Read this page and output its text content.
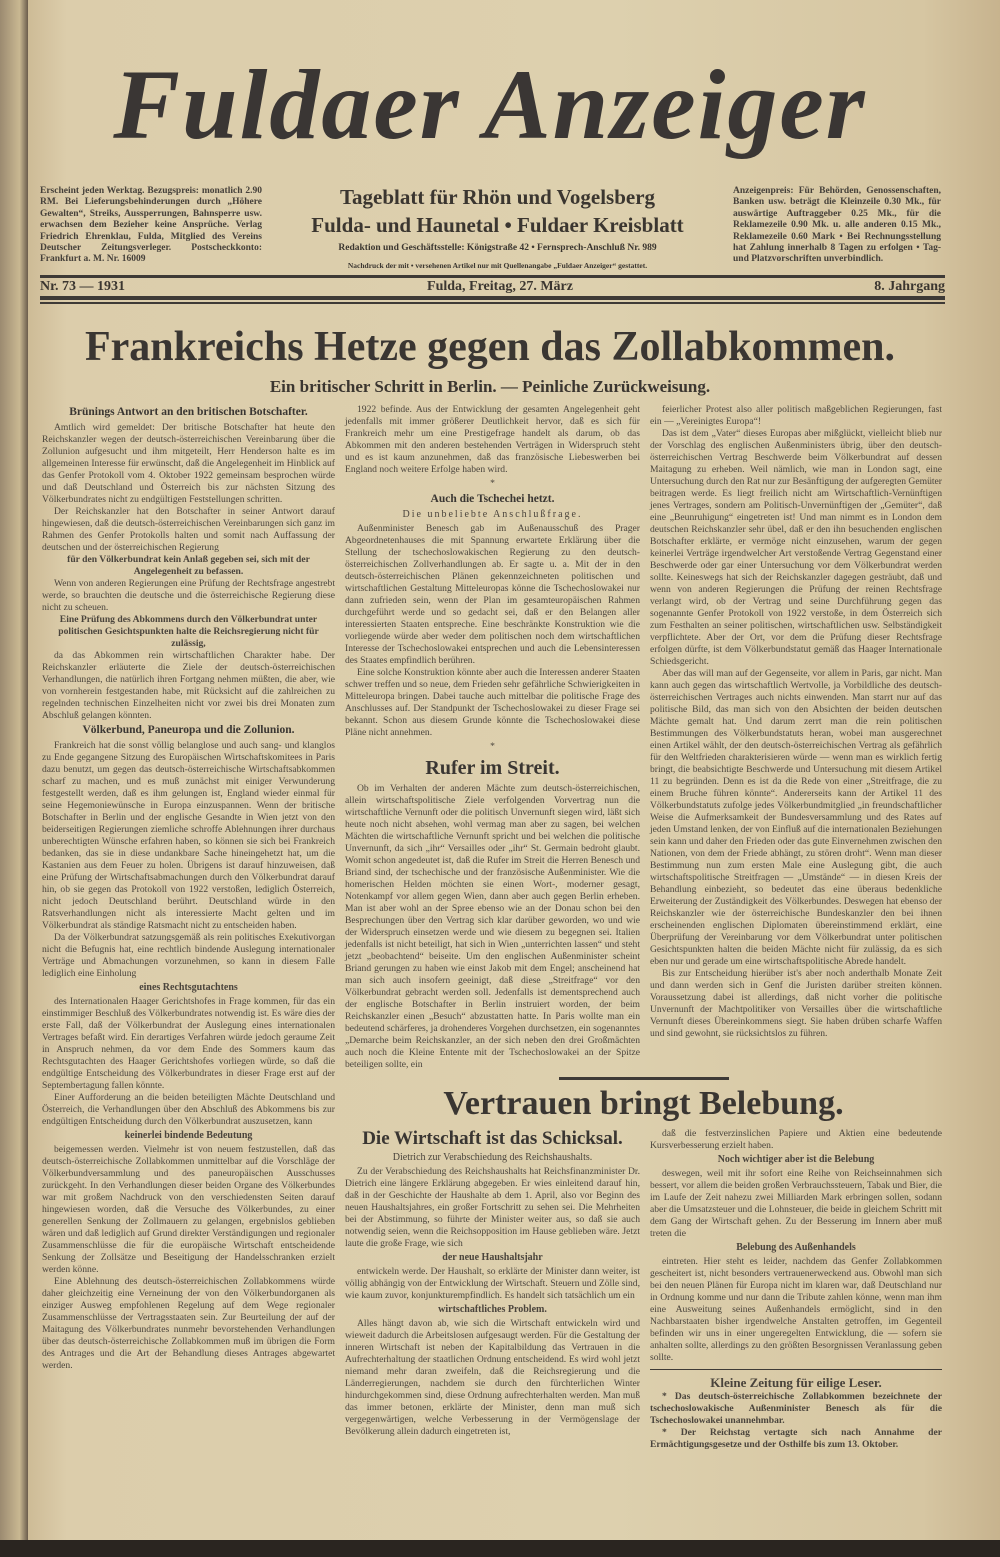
Fuldaer Anzeiger
Erscheint jeden Werktag. Bezugspreis: monatlich 2.90 RM. Bei Lieferungsbehinderungen durch „Höhere Gewalten“, Streiks, Aussperrungen, Bahnsperre usw. erwachsen dem Bezieher keine Ansprüche. Verlag Friedrich Ehrenklau, Fulda, Mitglied des Vereins Deutscher Zeitungsverleger. Postscheckkonto: Frankfurt a. M. Nr. 16009
Tageblatt für Rhön und Vogelsberg
Fulda- und Haunetal • Fuldaer Kreisblatt
Redaktion und Geschäftsstelle: Königstraße 42 • Fernsprech-Anschluß Nr. 989
Nachdruck der mit • versehenen Artikel nur mit Quellenangabe „Fuldaer Anzeiger“ gestattet.
Anzeigenpreis: Für Behörden, Genossenschaften, Banken usw. beträgt die Kleinzeile 0.30 Mk., für auswärtige Auftraggeber 0.25 Mk., für die Reklamezeile 0.90 Mk. u. alle anderen 0.15 Mk., Reklamezeile 0.60 Mark • Bei Rechnungsstellung hat Zahlung innerhalb 8 Tagen zu erfolgen • Tag- und Platzvorschriften unverbindlich.
Nr. 73 — 1931	Fulda, Freitag, 27. März	8. Jahrgang
Frankreichs Hetze gegen das Zollabkommen.
Ein britischer Schritt in Berlin. — Peinliche Zurückweisung.
Brünings Antwort an den britischen Botschafter.

Amtlich wird gemeldet: Der britische Botschafter hat heute den Reichskanzler wegen der deutsch-österreichischen Vereinbarung über die Zollunion aufgesucht und ihm mitgeteilt, Herr Henderson halte es im allgemeinen Interesse für erwünscht, daß die Angelegenheit im Hinblick auf das Genfer Protokoll vom 4. Oktober 1922 gemeinsam besprochen würde und daß Deutschland und Österreich bis zur nächsten Sitzung des Völkerbundrates nicht zu endgültigen Feststellungen schritten.

Der Reichskanzler hat den Botschafter in seiner Antwort darauf hingewiesen, daß die deutsch-österreichischen Vereinbarungen sich ganz im Rahmen des Genfer Protokolls halten und somit nach Auffassung der deutschen und der österreichischen Regierung

für den Völkerbundrat kein Anlaß gegeben sei, sich mit der Angelegenheit zu befassen.

Wenn von anderen Regierungen eine Prüfung der Rechtsfrage angestrebt werde, so brauchten die deutsche und die österreichische Regierung diese nicht zu scheuen.

Eine Prüfung des Abkommens durch den Völkerbundrat unter politischen Gesichtspunkten halte die Reichsregierung nicht für zulässig,

da das Abkommen rein wirtschaftlichen Charakter habe. Der Reichskanzler erläuterte die Ziele der deutsch-österreichischen Verhandlungen, die natürlich ihren Fortgang nehmen müßten, die aber, wie von vornherein festgestanden habe, mit Rücksicht auf die zahlreichen zu regelnden technischen Einzelheiten nicht vor zwei bis drei Monaten zum Abschluß gelangen könnten.

Völkerbund, Paneuropa und die Zollunion.

Frankreich hat die sonst völlig belanglose und auch sang- und klanglos zu Ende gegangene Sitzung des Europäischen Wirtschaftskomitees in Paris dazu benutzt, um gegen das deutsch-österreichische Wirtschaftsabkommen scharf zu machen, und es muß zunächst mit einiger Verwunderung festgestellt werden, daß es ihm gelungen ist, England wieder einmal für seine Hegemoniewünsche in Europa einzuspannen. Wenn der britische Botschafter in Berlin und der englische Gesandte in Wien jetzt von den beiderseitigen Regierungen ziemliche schroffe Ablehnungen ihrer durchaus unberechtigten Wünsche erfahren haben, so können sie sich bei Frankreich bedanken, das sie in diese undankbare Sache hineingehetzt hat, um die Kastanien aus dem Feuer zu holen. Übrigens ist darauf hinzuweisen, daß eine Prüfung der Wirtschaftsabmachungen durch den Völkerbundrat darauf hin, ob sie gegen das Protokoll von 1922 verstoßen, lediglich Österreich, nicht jedoch Deutschland berührt. Deutschland würde in den Ratsverhandlungen nicht als interessierte Macht gelten und im Völkerbundrat als ständige Ratsmacht nicht zu entscheiden haben.

Da der Völkerbundrat satzungsgemäß als rein politisches Exekutivorgan nicht die Befugnis hat, eine rechtlich bindende Auslegung internationaler Verträge und Abmachungen vorzunehmen, so kann in diesem Falle lediglich eine Einholung

eines Rechtsgutachtens

des Internationalen Haager Gerichtshofes in Frage kommen, für das ein einstimmiger Beschluß des Völkerbundrates notwendig ist. Es wäre dies der erste Fall, daß der Völkerbundrat der Auslegung eines internationalen Vertrages befaßt wird. Ein derartiges Verfahren würde jedoch geraume Zeit in Anspruch nehmen, da vor dem Ende des Sommers kaum das Rechtsgutachten des Haager Gerichtshofes vorliegen würde, so daß die endgültige Entscheidung des Völkerbundrates in dieser Frage erst auf der Septembertagung fallen könnte.

Einer Aufforderung an die beiden beteiligten Mächte Deutschland und Österreich, die Verhandlungen über den Abschluß des Abkommens bis zur endgültigen Entscheidung durch den Völkerbundrat auszusetzen, kann

keinerlei bindende Bedeutung

beigemessen werden. Vielmehr ist von neuem festzustellen, daß das deutsch-österreichische Zollabkommen unmittelbar auf die Vorschläge der Völkerbundversammlung und des paneuropäischen Ausschusses zurückgeht. In den Verhandlungen dieser beiden Organe des Völkerbundes war mit großem Nachdruck von den verschiedensten Seiten darauf hingewiesen worden, daß die Versuche des Völkerbundes, zu einer generellen Senkung der Zollmauern zu gelangen, ergebnislos geblieben wären und daß lediglich auf Grund direkter Verständigungen und regionaler Zusammenschlüsse die für die europäische Wirtschaft entscheidende Senkung der Zollsätze und Beseitigung der Handelsschranken erzielt werden könne.

Eine Ablehnung des deutsch-österreichischen Zollabkommens würde daher gleichzeitig eine Verneinung der von den Völkerbundorganen als einziger Ausweg empfohlenen Regelung auf dem Wege regionaler Zusammenschlüsse der Vertragsstaaten sein. Zur Beurteilung der auf der Maitagung des Völkerbundrates nunmehr bevorstehenden Verhandlungen über das deutsch-österreichische Zollabkommen muß im übrigen die Form des Antrages und die Art der Behandlung dieses Antrages abgewartet werden.

1922 befinde. Aus der Entwicklung der gesamten Angelegenheit geht jedenfalls mit immer größerer Deutlichkeit hervor, daß es sich für Frankreich mehr um eine Prestigefrage handelt als darum, ob das Abkommen mit den anderen bestehenden Verträgen in Widerspruch steht und es ist kaum anzunehmen, daß das französische Liebeswerben bei England noch weitere Erfolge haben wird.

*
Auch die Tschechei hetzt.
Die unbeliebte Anschlußfrage.

Außenminister Benesch gab im Außenausschuß des Prager Abgeordnetenhauses die mit Spannung erwartete Erklärung über die Stellung der tschechoslowakischen Regierung zu den deutsch-österreichischen Zollverhandlungen ab. Er sagte u. a. Mit der in den deutsch-österreichischen Plänen gekennzeichneten politischen und wirtschaftlichen Gestaltung Mitteleuropas könne die Tschechoslowakei nur dann zufrieden sein, wenn der Plan im gesamteuropäischen Rahmen durchgeführt werde und so gedacht sei, daß er den Belangen aller interessierten Staaten entspreche. Eine beschränkte Konstruktion wie die vorliegende würde aber weder dem politischen noch dem wirtschaftlichen Interesse der Tschechoslowakei entsprechen und auch die Lebensinteressen des Staates empfindlich berühren.

Eine solche Konstruktion könnte aber auch die Interessen anderer Staaten schwer treffen und so neue, dem Frieden sehr gefährliche Schwierigkeiten in Mitteleuropa bringen. Dabei tauche auch mittelbar die politische Frage des Anschlusses auf. Der Standpunkt der Tschechoslowakei zu dieser Frage sei bekannt. Schon aus diesem Grunde könnte die Tschechoslowakei diese Pläne nicht annehmen.

*
Rufer im Streit.

Ob im Verhalten der anderen Mächte zum deutsch-österreichischen, allein wirtschaftspolitische Ziele verfolgenden Vorvertrag nun die wirtschaftliche Vernunft oder die politisch Unvernunft siegen wird, läßt sich heute noch nicht absehen, wohl vermag man aber zu sagen, bei welchen Mächten die wirtschaftliche Vernunft spricht und bei welchen die politische Unvernunft, da sich „ihr“ Versailles oder „ihr“ St. Germain bedroht glaubt. Womit schon angedeutet ist, daß die Rufer im Streit die Herren Benesch und Briand sind, der tschechische und der französische Außenminister. Wie die homerischen Helden möchten sie einen Wort-, moderner gesagt, Notenkampf vor allem gegen Wien, dann aber auch gegen Berlin erheben. Man ist aber wohl an der Spree ebenso wie an der Donau schon bei den Besprechungen über den Vertrag sich klar darüber geworden, wo und wie der Widerspruch einsetzen werde und wie diesem zu begegnen sei. Italien jedenfalls ist nicht beteiligt, hat sich in Wien „unterrichten lassen“ und steht jetzt „beobachtend“ beiseite. Um den englischen Außenminister scheint Briand gerungen zu haben wie einst Jakob mit dem Engel; anscheinend hat man sich auch insofern geeinigt, daß diese „Streitfrage“ vor den Völkerbundrat gebracht werden soll. Jedenfalls ist dementsprechend auch der englische Botschafter in Berlin instruiert worden, der beim Reichskanzler einen „Besuch“ abzustatten hatte. In Paris wollte man ein bedeutend schärferes, ja drohenderes Vorgehen durchsetzen, ein sogenanntes „Demarche beim Reichskanzler, an der sich neben den drei Großmächten auch noch die Kleine Entente mit der Tschechoslowakei an der Spitze beteiligen sollte, ein

feierlicher Protest also aller politisch maßgeblichen Regierungen, fast ein — „Vereinigtes Europa“!

Das ist dem „Vater“ dieses Europas aber mißglückt, vielleicht blieb nur der Vorschlag des englischen Außenministers übrig, über den deutsch-österreichischen Vertrag Beschwerde beim Völkerbundrat auf dessen Maitagung zu erheben. Weil nämlich, wie man in London sagt, eine Untersuchung durch den Rat nur zur Besänftigung der aufgeregten Gemüter beitragen werde. Es liegt freilich nicht am Wirtschaftlich-Vernünftigen jenes Vertrages, sondern am Politisch-Unvernünftigen der „Gemüter“, daß eine „Beunruhigung“ eingetreten ist! Und man nimmt es in London dem deutschen Reichskanzler sehr übel, daß er den ihn besuchenden englischen Botschafter erklärte, er vermöge nicht einzusehen, warum der gegen keinerlei Verträge irgendwelcher Art verstoßende Vertrag Gegenstand einer Beschwerde oder gar einer Untersuchung vor dem Völkerbundrat werden sollte. Keineswegs hat sich der Reichskanzler dagegen gesträubt, daß und wenn von anderen Regierungen die Prüfung der reinen Rechtsfrage verlangt wird, ob der Vertrag und seine Durchführung gegen das sogenannte Genfer Protokoll von 1922 verstoße, in dem Österreich sich zum Festhalten an seiner politischen, wirtschaftlichen usw. Selbständigkeit verpflichtete. Aber der Ort, vor dem die Prüfung dieser Rechtsfrage erfolgen dürfte, ist dem Völkerbundstatut gemäß das Haager Internationale Schiedsgericht.

Aber das will man auf der Gegenseite, vor allem in Paris, gar nicht. Man kann auch gegen das wirtschaftlich Wertvolle, ja Vorbildliche des deutsch-österreichischen Vertrages auch nichts einwenden. Man starrt nur auf das politische Bild, das man sich von den Absichten der beiden deutschen Mächte gemalt hat. Und darum zerrt man die rein politischen Bestimmungen des Völkerbundstatuts heran, wobei man ausgerechnet einen Artikel wählt, der den deutsch-österreichischen Vertrag als gefährlich für den Weltfrieden charakterisieren würde — wenn man es wirklich fertig bringt, die beabsichtigte Beschwerde und Untersuchung mit diesem Artikel 11 zu begründen. Denn es ist da die Rede von einer „Streitfrage, die zu einem Bruche führen könnte“. Andererseits kann der Artikel 11 des Völkerbundstatuts zufolge jedes Völkerbundmitglied „in freundschaftlicher Weise die Aufmerksamkeit der Bundesversammlung und des Rates auf jeden Umstand lenken, der von Einfluß auf die internationalen Beziehungen sein kann und daher den Frieden oder das gute Einvernehmen zwischen den Nationen, von dem der Friede abhängt, zu stören droht“. Wenn man dieser Bestimmung nun zum ersten Male eine Auslegung gibt, die auch wirtschaftspolitische Streitfragen — „Umstände“ — in diesen Kreis der Behandlung einbezieht, so bedeutet das eine überaus bedenkliche Erweiterung der Zuständigkeit des Völkerbundes. Deswegen hat ebenso der Reichskanzler wie der österreichische Bundeskanzler den bei ihnen erscheinenden englischen Diplomaten übereinstimmend erklärt, eine Überprüfung der Vereinbarung vor dem Völkerbundrat unter politischen Gesichtspunkten halten die beiden Mächte nicht für zulässig, da es sich eben nur und gerade um eine wirtschaftspolitische Abrede handelt.

Bis zur Entscheidung hierüber ist's aber noch anderthalb Monate Zeit und dann werden sich in Genf die Juristen darüber streiten können. Voraussetzung dabei ist allerdings, daß nicht vorher die politische Unvernunft der Machtpolitiker von Versailles über die wirtschaftliche Vernunft dieses Übereinkommens siegt. Sie haben drüben scharfe Waffen und sind gewohnt, sie rücksichtslos zu führen.

Vertrauen bringt Belebung.
Die Wirtschaft ist das Schicksal.
Dietrich zur Verabschiedung des Reichshaushalts.

Zu der Verabschiedung des Reichshaushalts hat Reichsfinanzminister Dr. Dietrich eine längere Erklärung abgegeben. Er wies einleitend darauf hin, daß in der Geschichte der Haushalte ab dem 1. April, also vor Beginn des neuen Haushaltsjahres, ein großer Fortschritt zu sehen sei. Die Mehrheiten bei der Abstimmung, so führte der Minister weiter aus, so daß sie auch notwendig seien, wenn die Reichsopposition im Hause geblieben wäre. Jetzt laute die große Frage, wie sich

der neue Haushaltsjahr

entwickeln werde. Der Haushalt, so erklärte der Minister dann weiter, ist völlig abhängig von der Entwicklung der Wirtschaft. Steuern und Zölle sind, wie kaum zuvor, konjunkturempfindlich. Es handelt sich tatsächlich um ein

wirtschaftliches Problem.

Alles hängt davon ab, wie sich die Wirtschaft entwickeln wird und wieweit dadurch die Arbeitslosen aufgesaugt werden. Für die Gestaltung der inneren Wirtschaft ist neben der Kapitalbildung das Vertrauen in die Aufrechterhaltung der staatlichen Ordnung entscheidend. Es wird wohl jetzt niemand mehr daran zweifeln, daß die Reichsregierung und die Länderregierungen, nachdem sie durch den fürchterlichen Winter hindurchgekommen sind, diese Ordnung aufrechterhalten werden. Man muß das immer betonen, erklärte der Minister, denn man muß sich vergegenwärtigen, welche Verbesserung in der Vermögenslage der Bevölkerung allein dadurch eingetreten ist,

daß die festverzinslichen Papiere und Aktien eine bedeutende Kursverbesserung erzielt haben.

Noch wichtiger aber ist die Belebung

deswegen, weil mit ihr sofort eine Reihe von Reichseinnahmen sich bessert, vor allem die beiden großen Verbrauchssteuern, Tabak und Bier, die im Laufe der Zeit nahezu zwei Milliarden Mark erbringen sollen, sodann aber die Umsatzsteuer und die Lohnsteuer, die beide in gleichem Schritt mit dem Gang der Wirtschaft gehen. Zu der Besserung im Innern aber muß treten die

Belebung des Außenhandels

eintreten. Hier steht es leider, nachdem das Genfer Zollabkommen gescheitert ist, nicht besonders vertrauenerweckend aus. Obwohl man sich bei den neuen Plänen für Europa nicht im klaren war, daß Deutschland nur in Ordnung komme und nur dann die Tribute zahlen könne, wenn man ihm eine Ausweitung seines Außenhandels ermöglicht, sind in den Nachbarstaaten bisher irgendwelche Anstalten getroffen, im Gegenteil befinden wir uns in einer ungeregelten Entwicklung, die — sofern sie anhalten sollte, allerdings zu den größten Besorgnissen Veranlassung geben sollte.

Kleine Zeitung für eilige Leser.

* Das deutsch-österreichische Zollabkommen bezeichnete der tschechoslowakische Außenminister Benesch als für die Tschechoslowakei unannehmbar.

* Der Reichstag vertagte sich nach Annahme der Ermächtigungsgesetze und der Osthilfe bis zum 13. Oktober.
